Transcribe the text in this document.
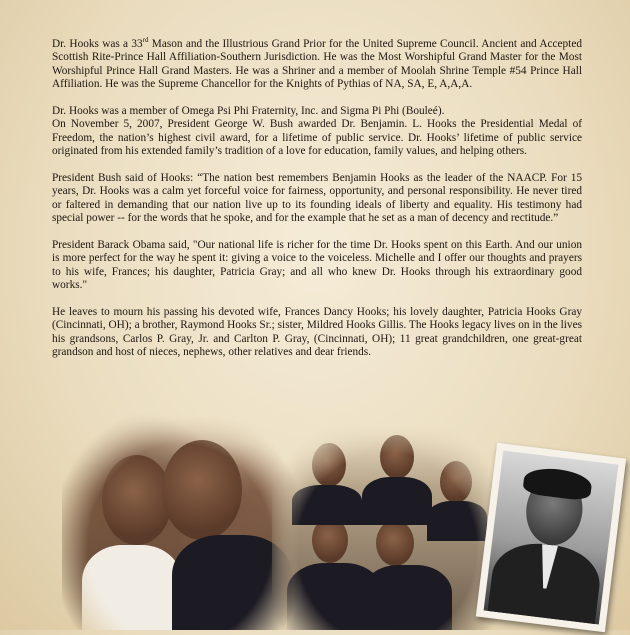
Dr. Hooks was a 33rd Mason and the Illustrious Grand Prior for the United Supreme Council. Ancient and Accepted Scottish Rite-Prince Hall Affiliation-Southern Jurisdiction. He was the Most Worshipful Grand Master for the Most Worshipful Prince Hall Grand Masters. He was a Shriner and a member of Moolah Shrine Temple #54 Prince Hall Affiliation. He was the Supreme Chancellor for the Knights of Pythias of NA, SA, E, A,A,A.

Dr. Hooks was a member of Omega Psi Phi Fraternity, Inc. and Sigma Pi Phi (Bouleé).

On November 5, 2007, President George W. Bush awarded Dr. Benjamin. L. Hooks the Presidential Medal of Freedom, the nation’s highest civil award, for a lifetime of public service. Dr. Hooks’ lifetime of public service originated from his extended family’s tradition of a love for education, family values, and helping others.

President Bush said of Hooks: “The nation best remembers Benjamin Hooks as the leader of the NAACP. For 15 years, Dr. Hooks was a calm yet forceful voice for fairness, opportunity, and personal responsibility. He never tired or faltered in demanding that our nation live up to its founding ideals of liberty and equality. His testimony had special power -- for the words that he spoke, and for the example that he set as a man of decency and rectitude.”

President Barack Obama said, "Our national life is richer for the time Dr. Hooks spent on this Earth. And our union is more perfect for the way he spent it: giving a voice to the voiceless. Michelle and I offer our thoughts and prayers to his wife, Frances; his daughter, Patricia Gray; and all who knew Dr. Hooks through his extraordinary good works."

He leaves to mourn his passing his devoted wife, Frances Dancy Hooks; his lovely daughter, Patricia Hooks Gray (Cincinnati, OH); a brother, Raymond Hooks Sr.; sister, Mildred Hooks Gillis. The Hooks legacy lives on in the lives his grandsons, Carlos P. Gray, Jr. and Carlton P. Gray, (Cincinnati, OH); 11 great grandchildren, one great-great grandson and host of nieces, nephews, other relatives and dear friends.
